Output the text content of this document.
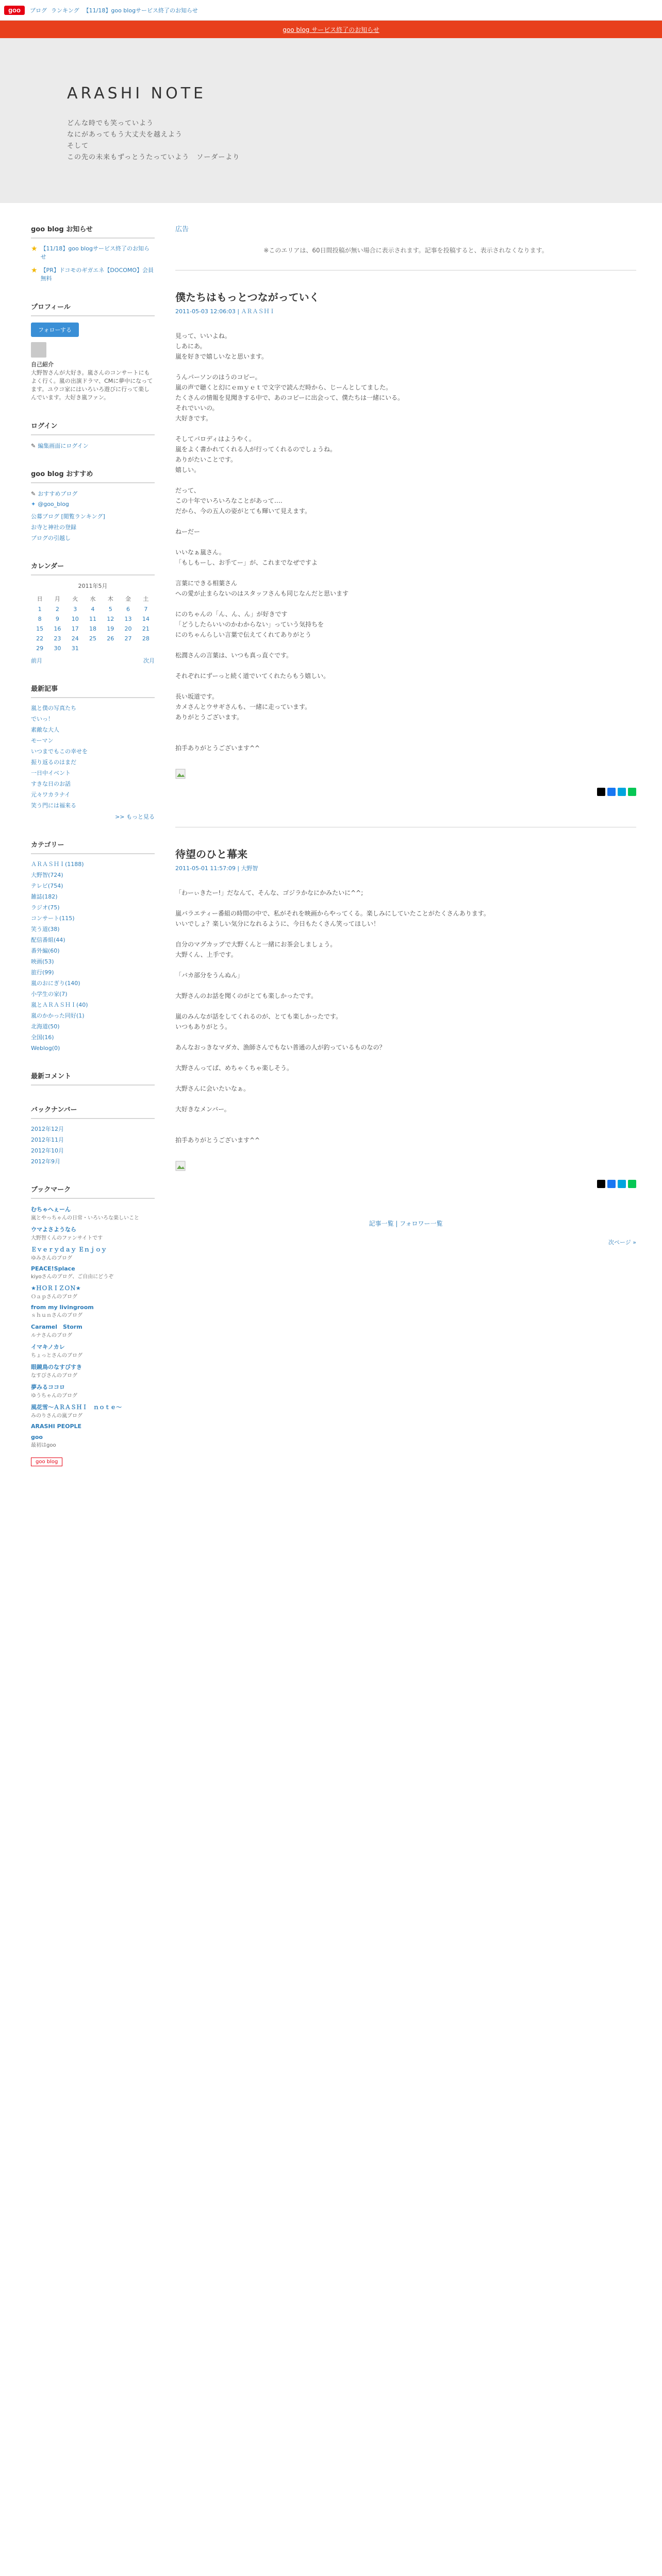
goo	ブログ ランキング 【11/18】goo blogサービス終了のお知らせ
goo blog サービス終了のお知らせ
ARASHI NOTE
どんな時でも笑っていよう
なにがあってもう大丈夫を越えよう
そして
この先の未来もずっとうたっていよう　ソーダーより
goo blog お知らせ
★ 【11/18】goo blogサービス終了のお知らせ
★ 【PR】ドコモのギガエネ【DOCOMO】会員無料
プロフィール
フォローする
自己紹介
大野智さんが大好き。嵐さんのコンサートにもよく行く。嵐の出演ドラマ、CMに夢中になってます。ユウコ家にはいろいろ遊びに行って楽しんでいます。大好き嵐ファン。
ログイン
✎ 編集画面にログイン
goo blog おすすめ
✎ おすすめブログ
✦ @goo_blog
公募ブログ [閲覧ランキング]
お寺と神社の登録
ブログの引越し
カレンダー
2011年5月
日	月	火	水	木	金	土
1	2	3	4	5	6	7
8	9	10	11	12	13	14
15	16	17	18	19	20	21
22	23	24	25	26	27	28
29	30	31				
前月	次月
最新記事
嵐と僕の写真たち
でいっ！
素敵な大人
モーマン
いつまでもこの幸せを
振り返るのはまだ
一日中イベント
すきな日のお話
元々ワカラナイ
笑う門には福来る
>> もっと見る
カテゴリー
ＡＲＡＳＨＩ(1188)
大野智(724)
テレビ(754)
雑誌(182)
ラジオ(75)
コンサート(115)
笑う道(38)
配信番組(44)
番外編(60)
映画(53)
旅行(99)
嵐のおにぎり(140)
小学生の家(7)
嵐とＡＲＡＳＨＩ(40)
嵐のかかった同好(1)
北海道(50)
全国(16)
Weblog(0)
最新コメント
バックナンバー
2012年12月
2012年11月
2012年10月
2012年9月
ブックマーク
むちゃへぇーん
嵐とやっちゃんの日常・いろいろな楽しいこと
ウマよさようなら
大野智くんのファンサイトです
Ｅｖｅｒｙｄａｙ Ｅｎｊｏｙ
ゆみさんのブログ
PEACE!Splace
kiyoさんのブログ、ご自由にどうぞ
★ＨＯＲＩＺＯＮ★
Ｏａｐさんのブログ
from my livingroom
ｓｈｕｎさんのブログ
Caramel　Storm
ルナさんのブログ
イマキノカレ
ちょっとさんのブログ
眼鏡鳥のなすびすき
なすびさんのブログ
夢みるココロ
ゆうちゃんのブログ
風花雪〜ＡＲＡＳＨＩ　ｎｏｔｅ〜
みのりさんの嵐ブログ
ARASHI PEOPLE
goo
最初はgoo
goo blog
広告
※このエリアは、60日間投稿が無い場合に表示されます。記事を投稿すると、表示されなくなります。
僕たちはもっとつながっていく
2011-05-03 12:06:03 | ＡＲＡＳＨＩ
見って、いいよね。
しあにあ。
嵐を好きで嬉しいなと思います。

うんパーソンのはうのコピー。
嵐の声で聴くと幻にｅｍｙｅｔで文字で読んだ時から、じーんとしてました。
たくさんの情報を見聞きする中で、あのコピーに出会って、僕たちは一緒にいる。
それでいいの。
大好きです。

そしてパロディはようやく。
嵐をよく書かれてくれる人が行ってくれるのでしょうね。
ありがたいことです。
嬉しい。

だって、
この十年でいろいろなことがあって‥‥
だから、今の五人の姿がとても輝いて見えます。

ねーだー

いいなぁ嵐さん。
「もしもーし、お手てー」が、これまでなぜですよ

言葉にできる相葉さん
への愛が止まらないのはスタッフさんも同じなんだと思います

にのちゃんの「ん、ん、ん」が好きです
「どうしたらいいのかわからない」っていう気持ちを
にのちゃんらしい言葉で伝えてくれてありがとう

松潤さんの言葉は、いつも真っ直ぐです。

それぞれにずーっと続く道でいてくれたらもう嬉しい。

長い坂道です。
カメさんとウサギさんも、一緒に走っています。
ありがとうございます。

拍手ありがとうございます^^
待望のひと幕来
2011-05-01 11:57:09 | 大野智
「わーぃきたー!」だなんて、そんな、ゴジラかなにかみたいに^^;

嵐バラエティー番組の時間の中で、私がそれを映画からやってくる。楽しみにしていたことがたくさんあります。
いいでしょ？楽しい気分になれるように、今日もたくさん笑ってほしい！

自分のマグカップで大野くんと一緒にお茶会しましょう。
大野くん、上手です。

「バカ部分をうんぬん」

大野さんのお話を聞くのがとても楽しかったです。

嵐のみんなが話をしてくれるのが、とても楽しかったです。
いつもありがとう。

あんなおっきなマダカ、漁師さんでもない普通の人が釣っているものなの？

大野さんってば、めちゃくちゃ楽しそう。

大野さんに会いたいなぁ。

大好きなメンバー。

拍手ありがとうございます^^
記事一覧 | フォロワー一覧
次ページ »
